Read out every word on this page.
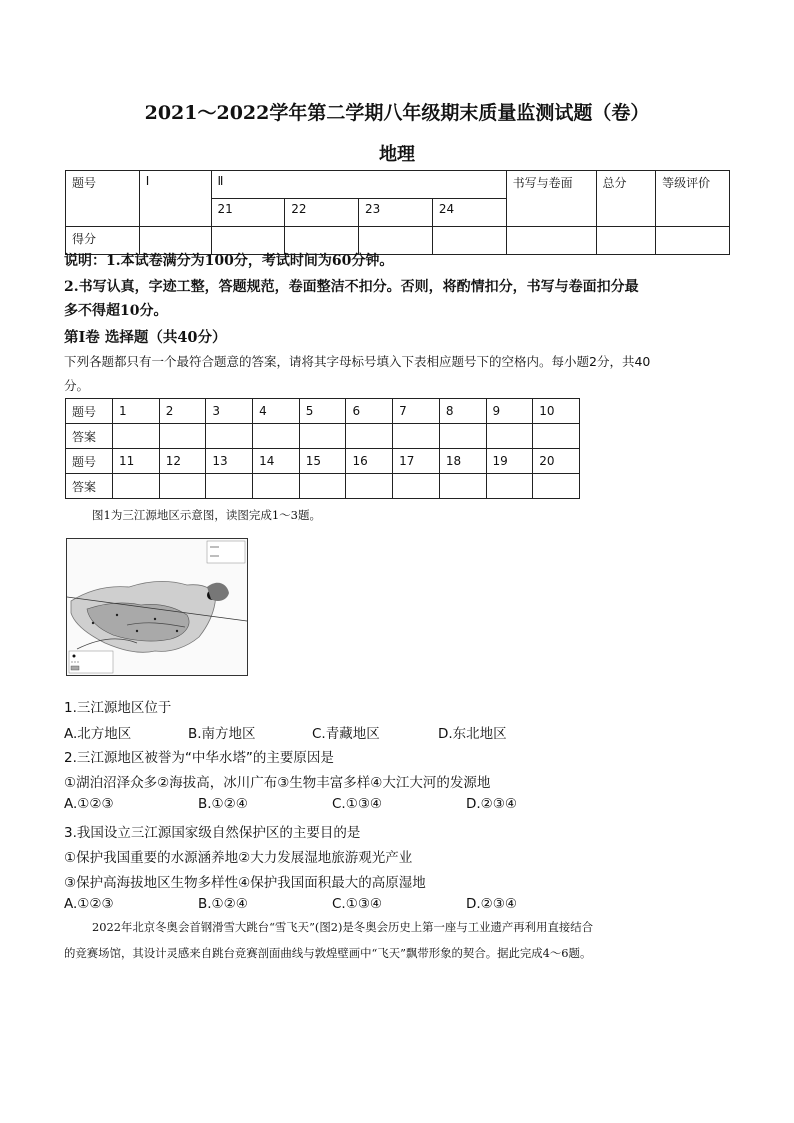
2021～2022学年第二学期八年级期末质量监测试题（卷）
地理
题号	Ⅰ	Ⅱ				书写与卷面	总分	等级评价
		21	22	23	24			
得分								
说明：1.本试卷满分为100分，考试时间为60分钟。
2.书写认真，字迹工整，答题规范，卷面整洁不扣分。否则，将酌情扣分，书写与卷面扣分最
多不得超10分。
第Ⅰ卷 选择题（共40分）
下列各题都只有一个最符合题意的答案，请将其字母标号填入下表相应题号下的空格内。每小题2分，共40
分。
题号	1	2	3	4	5	6	7	8	9	10
答案										
题号	11	12	13	14	15	16	17	18	19	20
答案										
图1为三江源地区示意图，读图完成1～3题。
1.三江源地区位于
A.北方地区	B.南方地区	C.青藏地区	D.东北地区
2.三江源地区被誉为“中华水塔”的主要原因是
①湖泊沼泽众多②海拔高，冰川广布③生物丰富多样④大江大河的发源地
A.①②③	B.①②④	C.①③④	D.②③④
3.我国设立三江源国家级自然保护区的主要目的是
①保护我国重要的水源涵养地②大力发展湿地旅游观光产业
③保护高海拔地区生物多样性④保护我国面积最大的高原湿地
A.①②③	B.①②④	C.①③④	D.②③④
2022年北京冬奥会首钢滑雪大跳台“雪飞天”(图2)是冬奥会历史上第一座与工业遗产再利用直接结合
的竞赛场馆，其设计灵感来自跳台竞赛剖面曲线与敦煌壁画中“飞天”飘带形象的契合。据此完成4～6题。
